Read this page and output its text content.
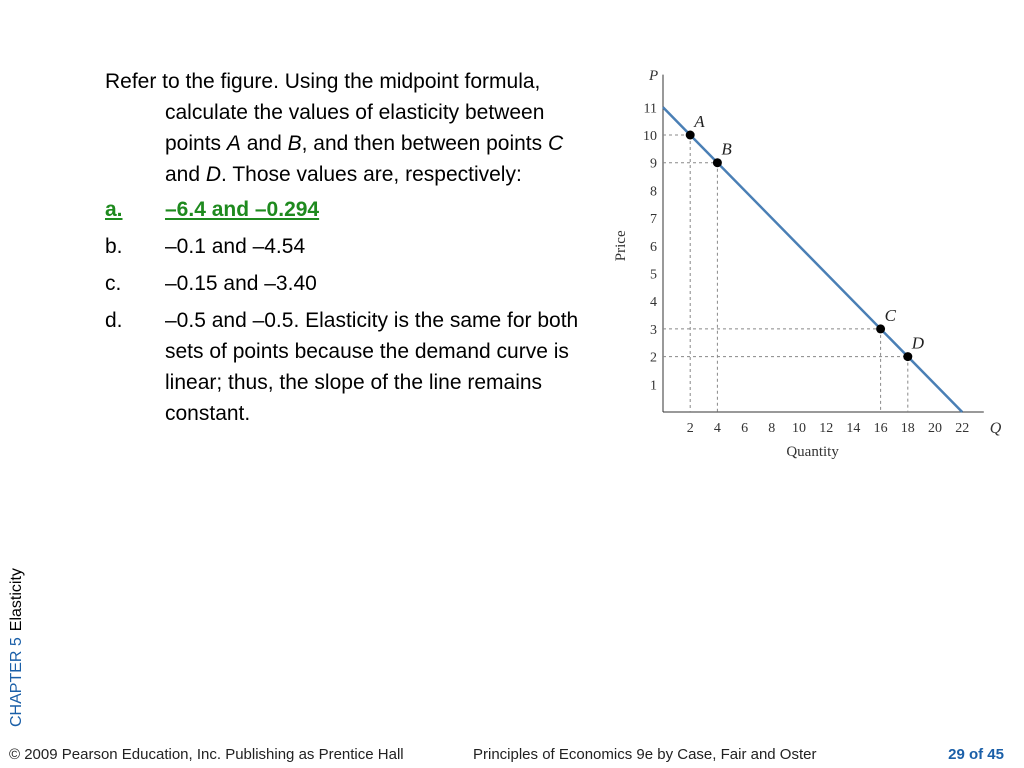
Refer to the figure. Using the midpoint formula, calculate the values of elasticity between points A and B, and then between points C and D. Those values are, respectively:

a.	–6.4 and –0.294
b.	–0.1 and –4.54
c.	–0.15 and –3.40
d.	–0.5 and –0.5. Elasticity is the same for both sets of points because the demand curve is linear; thus, the slope of the line remains constant.
1
2
3
4
5
6
7
8
9
10
11
2 4 6 8 10 12 14 16 18 20 22
P
Q
Quantity
Price
A
B
C
D
CHAPTER 5Elasticity
© 2009 Pearson Education, Inc. Publishing as Prentice Hall	Principles of Economics 9e by Case, Fair and Oster	29 of 45
